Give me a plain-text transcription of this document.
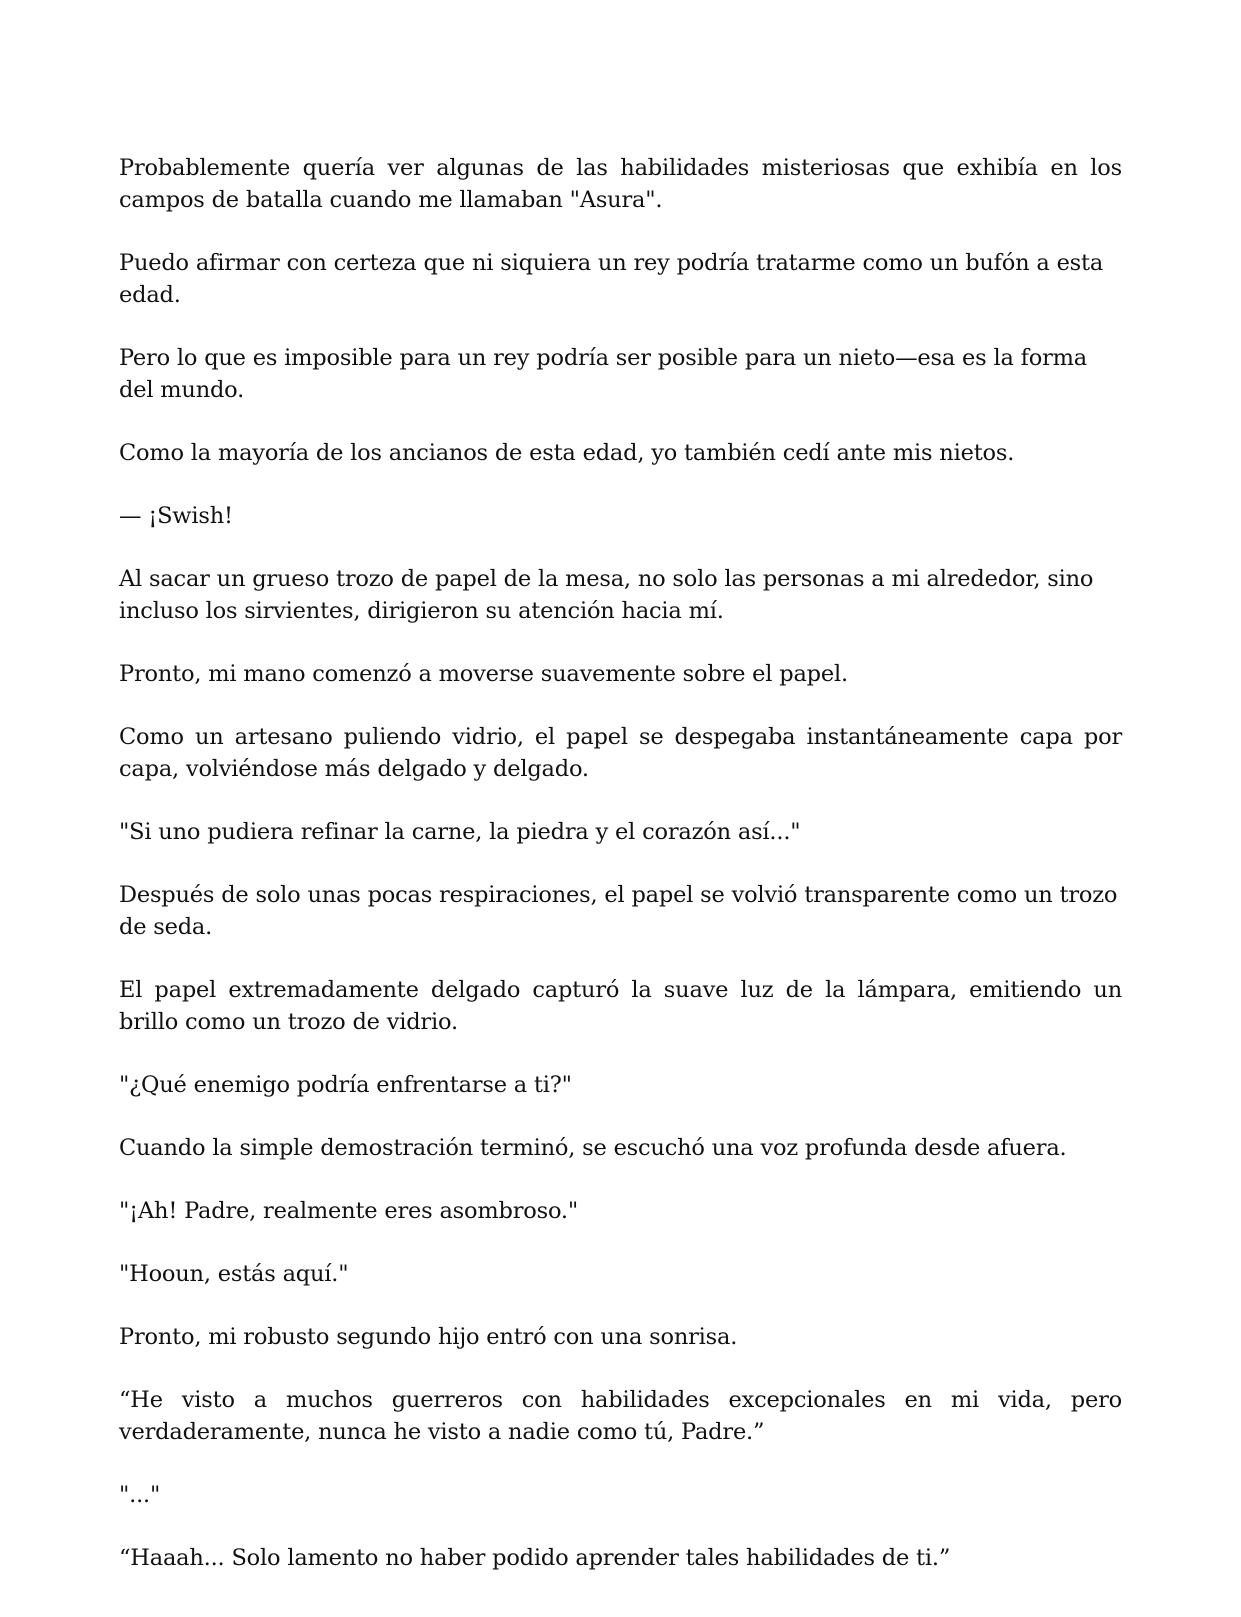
Probablemente quería ver algunas de las habilidades misteriosas que exhibía en los campos de batalla cuando me llamaban "Asura".

Puedo afirmar con certeza que ni siquiera un rey podría tratarme como un bufón a esta edad.

Pero lo que es imposible para un rey podría ser posible para un nieto—esa es la forma del mundo.

Como la mayoría de los ancianos de esta edad, yo también cedí ante mis nietos.

— ¡Swish!

Al sacar un grueso trozo de papel de la mesa, no solo las personas a mi alrededor, sino incluso los sirvientes, dirigieron su atención hacia mí.

Pronto, mi mano comenzó a moverse suavemente sobre el papel.

Como un artesano puliendo vidrio, el papel se despegaba instantáneamente capa por capa, volviéndose más delgado y delgado.

"Si uno pudiera refinar la carne, la piedra y el corazón así..."

Después de solo unas pocas respiraciones, el papel se volvió transparente como un trozo de seda.

El papel extremadamente delgado capturó la suave luz de la lámpara, emitiendo un brillo como un trozo de vidrio.

"¿Qué enemigo podría enfrentarse a ti?"

Cuando la simple demostración terminó, se escuchó una voz profunda desde afuera.

"¡Ah! Padre, realmente eres asombroso."

"Hooun, estás aquí."

Pronto, mi robusto segundo hijo entró con una sonrisa.

“He visto a muchos guerreros con habilidades excepcionales en mi vida, pero verdaderamente, nunca he visto a nadie como tú, Padre.”

"..."

“Haaah... Solo lamento no haber podido aprender tales habilidades de ti.”
